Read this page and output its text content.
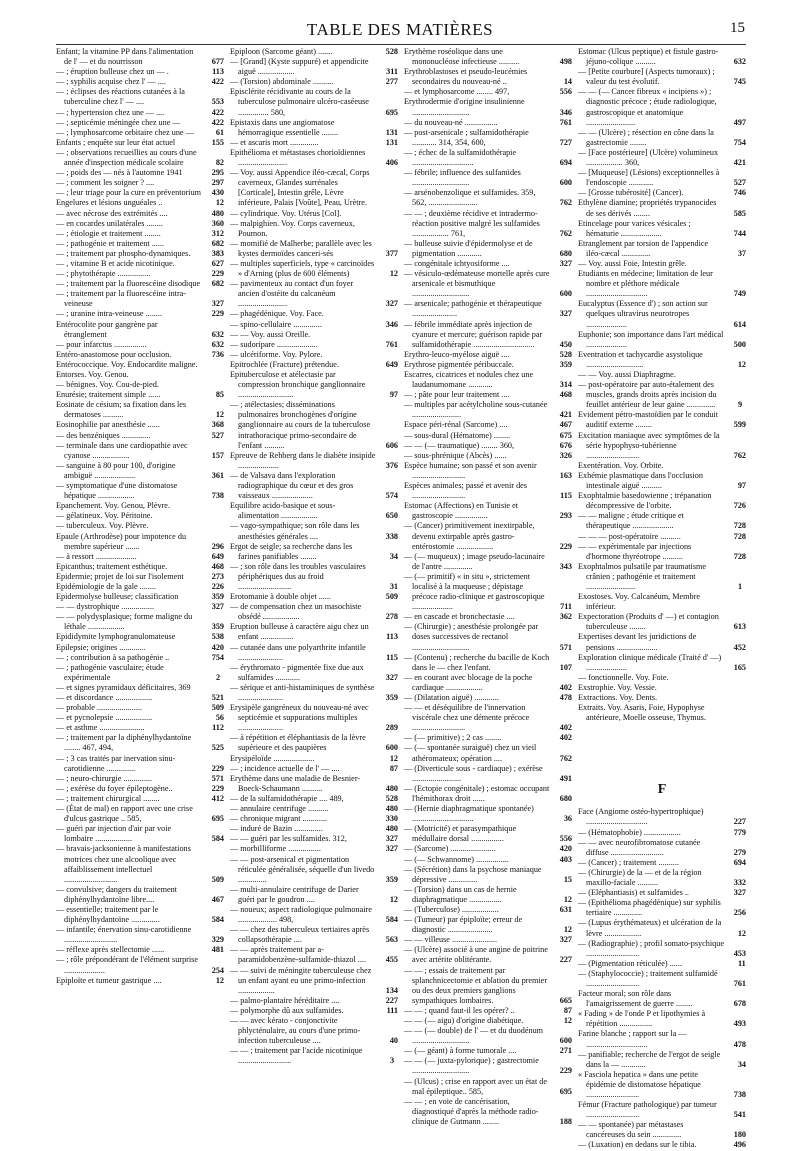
TABLE DES MATIÈRES	15

Enfant; la vitamine PP dans l'alimentation de l' — et du nourrisson	677

— ; éruption bulleuse chez un — .	113

— ; syphilis acquise chez l' — ....	422

— ; éclipses des réactions cutanées à la tuberculine chez l' — ....	553

— ; hypertension chez une — ....	422

— ; septicémie méningée chez une —	422

— ; lymphosarcome orbitaire chez une —	61

Enfants ; enquête sur leur état actuel	155

— ; observations recueillies au cours d'une année d'inspection médicale scolaire	82

— ; poids des — nés à l'automne 1941	295

— ; comment les soigner ? ....	297

— ; leur triage pour la cure en préventorium 430

Engelures et lésions unguéales ..	12

— avec nécrose des extrémités ....	480

— en cocardes unilatérales ........	360

— ; étiologie et traitement ........	312

— ; pathogénie et traitement ......	682

— ; traitement par phospho-dynamiques.	383

— , vitamine B et acide nicotinique.	627

— ; phytothérapie ................	229

— ; traitement par la fluorescéine disodique 682

— ; traitement par la fluorescéine intra-veineuse	327

— ; uranine intra-veineuse ........	229

Entérocolite pour gangrène par étranglement	632

— pour infarctus ................	632

Entéro-anastomose pour occlusion.	736

Entérococcique. Voy. Endocardite maligne.

Entorses. Voy. Genou.

— bénignes. Voy. Cou-de-pied.

Enurésie; traitement simple ......	85

Eosinate de césium; sa fixation dans les dermatoses ..........	12

Eosinophilie par anesthésie ......	368

— des benzéniques ..............	527

— terminale dans une cardiopathie avec cyanose ..................	157

— sanguine à 80 pour 100, d'origine ambiguë ....................	361

— symptomatique d'une distomatose hépatique ..................	738

Epanchement. Voy. Genou, Plèvre.

— gélatineux. Voy. Péritoine.

— tuberculeux. Voy. Plèvre.

Epaule (Arthrodèse) pour impotence du membre supérieur .......	296

— à ressort ....................	649

Epicanthus; traitement esthétique.	468

Epidermie; projet de loi sur l'isolement	273

Epidémiologie de la gale ........	226

Epidermolyse bulleuse; classification	359

— — dystrophique ................	327

— — polydysplasique; forme maligne du léthale ..................	359

Epididymite lymphogranulomateuse	538

Epilepsie; origines .............	420

— ; contribution à sa pathogénie ..	754

— ; pathogénie vasculaire; étude expérimentale	2

— et signes pyramidaux déficitaires, 369

— et discordance ..................	521

— probable ......................	509

— et pycnolepsie ..................	56

— et asthme ......................	112

— ; traitement par la diphénylhydantoïne ........ 467, 494,	525

— ; 3 cas traités par inervation sinu-carotidienne ..............	229

— ; neuro-chirurgie ..............	571

— ; exérèse du foyer épileptogène..	229

— ; traitement chirurgical ........	412

— (État de mal) en rapport avec une crise d'ulcus gastrique .. 585,	695

— guéri par injection d'air par voie lombaire ..................	584

— bravais-jacksonienne à manifestations motrices chez une alcoolique avec affaiblissement intellectuel ..........................	509

— convulsive; dangers du traitement diphénylhydantoïne libre....	467

— essentielle; traitement par le diphénylhydantoïne ..............	584

— infantile; énervation sinu-carotidienne ..........................	329

— réflexe après stellectomie ......	481

— ; rôle prépondérant de l'élément surprise ....................	254

Epiploïte et tumeur gastrique ....	12

Epiploon (Sarcome géant) .......	528

— [Grand] (Kyste suppuré) et appendicite aiguë ..................	311

— (Torsion) abdominale ..........	277

Episclérite récidivante au cours de la tuberculose pulmonaire ulcéro-caséeuse ............... 580,	695

Epistaxis dans une angiomatose hémorragique essentielle ........	131

— et ascaris mort ..............	131

Epithélioma et métastases chorioïdiennes ........................	406

— Voy. aussi Appendice iléo-cæcal, Corps caverneux, Glandes surrénales [Corticale], Intestin grêle, Lèvre inférieure, Palais [Voûte], Peau, Urètre.

— cylindrique. Voy. Utérus [Col].

— malpighien. Voy. Corps caverneux, Poumon.

— momifié de Malherbe; parallèle avec les kystes dermoïdes canceri-sés	377

— multiples superficiels, type « carcinoïdes » d'Arning (plus de 600 éléments)	12

— pavimenteux au contact d'un foyer ancien d'ostéite du calcanéum ........................	327

— phagédénique. Voy. Face.

— spino-cellulaire ..............	346

— — Voy. aussi Oreille.

— sudoripare ....................	761

— ulcériforme. Voy. Pylore.

Epitrochlée (Fracture) prétendue.	649

Epituberculose et atélectasie par compression bronchique ganglionnaire ...........................	97

— ; atélectasies; disséminations pulmonaires bronchogènes d'origine ganglionnaire au cours de la tuberculose intrathoracique primo-secondaire de l'enfant ..........	606

Epreuve de Rehberg dans le diabète insipide ....................	376

— de Valsava dans l'exploration radiographique du cœur et des gros vaisseaux ....................	574

Equilibre acido-basique et sous-alimentation ..................	650

— vago-sympathique; son rôle dans les anesthésies générales ....	338

Ergot de seigle; sa recherche dans les farines panifiables ........	34

— ; son rôle dans les troubles vasculaires périphériques dus au froid ..........................	31

Erotomanie à double objet ......	509

— de compensation chez un masochiste obsédé ..................	278

Eruption bulleuse à caractère aigu chez un enfant ................	113

— cutanée dans une polyarthrite infantile ......................	115

— érythromato - pigmentée fixe due aux sulfamides ............	327

— sérique et anti-histaminiques de synthèse ......................	359

Erysipèle gangréneux du nouveau-né avec septicémie et suppurations multiples ......................	289

— à répétition et éléphantiasis de la lèvre supérieure et des paupières	600

Erysipéloïde ....................	12

— ; incidence actuelle de l' — ....	87

Erythème dans une maladie de Besnier-Boeck-Schaumann ..........	480

— de la sulfamidothérapie .... 489,	528

— annulaire centrifuge ..........	480

— chronique migrant ............	330

— induré de Bazin ..............	480

— — guéri par les sulfamides. 312,	327

— morbilliforme ................	327

— — post-arsenical et pigmentation réticulée généralisée, séquelle d'un livedo ..............	359

— multi-annulaire centrifuge de Darier guéri par le goudron ....	12

— noueux; aspect radiologique pulmonaire ................... 498,	584

— — chez des tuberculeux tertiaires après collapsothérapie ....	563

— — après traitement par a-paramidobenzène-sulfamide-thiazol .... 455

— — suivi de méningite tuberculeuse chez un enfant ayant eu une primo-infection ..................	134

— palmo-plantaire héréditaire ....	227

— polymorphe dû aux sulfamides.	111

— — avec kérato - conjonctivite phlycténulaire, au cours d'une primo-infection tuberculeuse ....	40

— — ; traitement par l'acide nicotinique ..........................	3

Erythème roséolique dans une mononucléose infectieuse ..........	498

Erythroblastoses et pseudo-leucémies secondaires du nouveau-né ..	14

— et lymphosarcome ........ 497,	556

Erythrodermie d'origine insulinienne ............................	346

— du nouveau-né ................	761

— post-arsenicale ; sulfamidothérapie ............ 314, 354, 600,	727

— ; échec de la sulfamidothérapie ..............................	694

— fébrile; influence des sulfamides ............................	600

— arsénobenzolique et sulfamides. 359, 562, ........................	762

— — ; deuxième récidive et intradermo-réaction positive malgré les sulfamides .................. 761,	762

— bulleuse suivie d'épidermolyse et de pigmentation ............	680

— congénitale ichtyosiforme ....	327

— vésiculo-œdémateuse mortelle après cure arsenicale et bismuthique ............................	600

— arsenicale; pathogénie et thérapeutique ......................	327

— fébrile immédiate après injection de cyanure et mercure; guérison rapide par sulfamidothérapie ..............................	450

Erythro-leuco-myélose aiguë ....	528

Erythrose pigmentée péribuccale.	359

Escarres, cicatrices et nodules chez une laudanumomane ............	314

— ; pâte pour leur traitement ....	468

— multiples par acétylcholine sous-cutanée ........................	421

Espace péri-rénal (Sarcome) ....	467

— sous-dural (Hématome) ........	675

— — (— traumatique) ........ 360,	676

— sous-phrénique (Abcès) ......	326

Espèce humaine; son passé et son avenir ..........................	163

Espèces animales; passé et avenir des ..........................	115

Estomac (Affections) en Tunisie et gastroscopie ................	293

— (Cancer) primitivement inextirpable, devenu extirpable après gastro-entérostomie ..................	229

— (— muqueux) ; image pseudo-lacunaire de l'antre ..............	343

— (— primitif) « in situ », strictement localisé à la muqueuse ; dépistage précoce radio-clinique et gastroscopique ....................	711

— en cascade et bronchectasie ....	362

— (Chirurgie) ; anesthésie prolongée par doses successives de rectanol ............................	571

— (Contenu) ; recherche du bacille de Koch dans le — chez l'enfant.	107

— en courant avec blocage de la poche cardiaque ..................	402

— (Dilatation aiguë) ............	478

— — et déséquilibre de l'innervation viscérale chez une démente précoce ..........................	402

— (— primitive) ; 2 cas ........	402

— (— spontanée suraiguë) chez un vieil athéromateux; opération ....	762

— (Diverticule sous - cardiaque) ; exérèse ........................	491

— (Ectopie congénitale) ; estomac occupant l'hémithorax droit ......	680

— (Hernie diaphragmatique spontanée) ..............................	36

— (Motricité) et parasympathique médullaire dorsal ................	556

— (Sarcome) ......................	420

— (— Schwannome) ................	403

— (Sécrétion) dans la psychose maniaque dépressive ..............	15

— (Torsion) dans un cas de hernie diaphragmatique ................	12

— (Tuberculose) ..................	631

— (Tumeur) par épiploïte; erreur de diagnostic ......................	12

— — villeuse ......................	327

— (Ulcère) associé à une angine de poitrine avec artérite oblitérante.	227

— — ; essais de traitement par splanchnicectomie et ablation du premier ou des deux premiers ganglions sympathiques lombaires.	665

— — ; quand faut-il les opérer? ..	87

— — (— aigu) d'origine diabétique.	12

— — (— double) de l' — et du duodénum ............................	600

— (— géant) à forme tumorale ....	271

— — (— juxta-pylorique) ; gastrectomie ............................	229

— (Ulcus) ; crise en rapport avec un état de mal épileptique.. 585,	695

— — ; en voie de cancérisation, diagnostiqué d'après la méthode radio-clinique de Gutmann ........	188

Estomac (Ulcus peptique) et fistule gastro-jéjuno-colique ..........	632

— [Petite courbure] (Aspects tumoraux) ; valeur du test évolutif.	745

— — (— Cancer fibreux « incipiens ») ; diagnostic précoce ; étude radiologique, gastroscopique et anatomique ........................	497

— — (Ulcère) ; résection en cône dans la gastrectomie ........	754

— [Face postérieure] (Ulcère) volumineux .................. 360,	421

— [Muqueuse] (Lésions) exceptionnelles à l'endoscopie ............	527

— [Grosse tubérosité] (Cancer).	746

Ethylène diamine; propriétés trypanocides de ses dérivés ........	585

Etincelage pour varices vésicales ; hématurie ....................	744

Etranglement par torsion de l'appendice iléo-cæcal ..............	37

— Voy. aussi Foie, Intestin grêle.

Etudiants en médecine; limitation de leur nombre et pléthore médicale ..............................	749

Eucalyptus (Essence d') ; son action sur quelques ultravirus neurotropes ....................	614

Euphonie; son importance dans l'art médical ....................	500

Eventration et tachycardie asystolique ............................	12

— — Voy. aussi Diaphragme.

— post-opératoire par auto-étalement des muscles, grands droits après incision du feuillet antérieur de leur gaine ..............	9

Evidement pétro-mastoïdien par le conduit auditif externe ........	599

Excitation maniaque avec symptômes de la série hypophyso-tubérienne ..........................	762

Exentération. Voy. Orbite.

Exhémie plasmatique dans l'occlusion intestinale aiguë ..........	97

Exophtalmie basedowienne ; trépanation décompressive de l'orbite.	726

— — maligne ; étude critique et thérapeutique ....................	728

— — — post-opératoire ..........	728

— — expérimentale par injections d'hormone thyréotrope ..........	728

Exophtalmos pulsatile par traumatisme crânien ; pathogénie et traitement ........................	1

Exostoses. Voy. Calcanéum, Membre inférieur.

Expectoration (Produits d' —) et contagion tuberculeuse ........	613

Expertises devant les juridictions de pensions ....................	452

Exploration clinique médicale (Traité d' —) ....................	165

— fonctionnelle. Voy. Foie.

Exstrophie. Voy. Vessie.

Extractions. Voy. Dents.

Extraits. Voy. Asaris, Foie, Hypophyse antérieure, Moelle osseuse, Thymus.

F

Face (Angiome ostéo-hypertrophique) ..............................	227

— (Hématophobie) ..................	779

— — avec neurofibromatose cutanée diffuse ..........................	279

— (Cancer) ; traitement ..........	694

— (Chirurgie) de la — et de la région maxillo-faciale ..........	332

— (Eléphantiasis) et sulfamides ..	327

— (Epithélioma phagédénique) sur syphilis tertiaire ..............	256

— (Lupus érythémateux) et ulcération de la lèvre ..................	12

— (Radiographie) ; profil somato-psychique ..........................	453

— (Pigmentation réticulée) ......	11

— (Staphylococcie) ; traitement sulfamidé ..........................	761

Facteur moral; son rôle dans l'amaigrissement de guerre ........	678

« Fading » de l'onde P et lipothymies à répétition ................	493

Farine blanche ; rapport sur la — ..............................	478

— panifiable; recherche de l'ergot de seigle dans la — ............	34

« Fasciola hepatica » dans une petite épidémie de distomatose hépatique ..........................	738

Fémur (Fracture pathologique) par tumeur ..........................	541

— — spontanée) par métastases cancéreuses du sein ..............	180

— (Luxation) en dedans sur le tibia.	496
